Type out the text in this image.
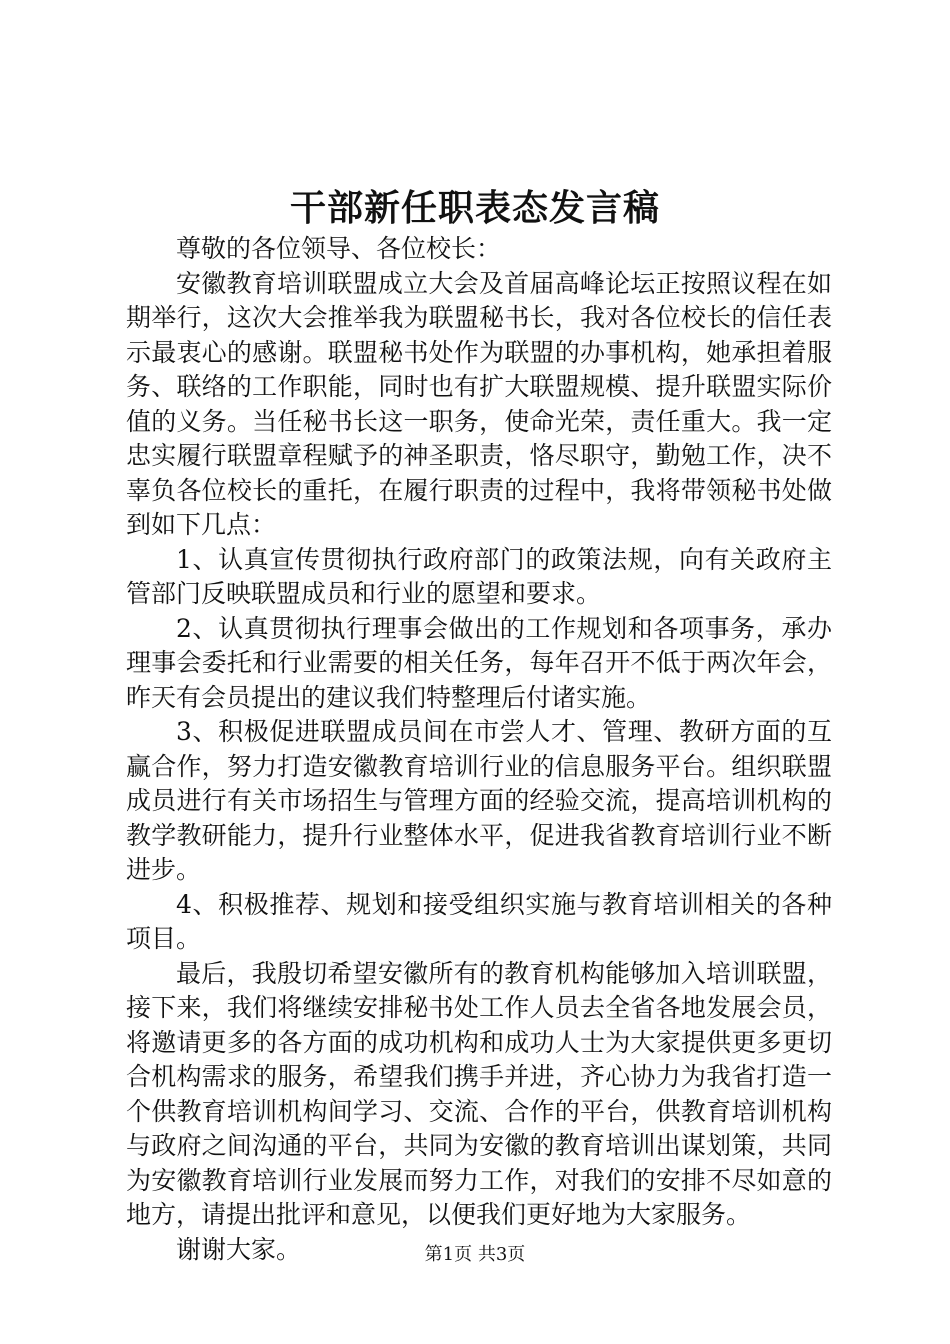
干部新任职表态发言稿

尊敬的各位领导、各位校长：

安徽教育培训联盟成立大会及首届高峰论坛正按照议程在如期举行，这次大会推举我为联盟秘书长，我对各位校长的信任表示最衷心的感谢。联盟秘书处作为联盟的办事机构，她承担着服务、联络的工作职能，同时也有扩大联盟规模、提升联盟实际价值的义务。当任秘书长这一职务，使命光荣，责任重大。我一定忠实履行联盟章程赋予的神圣职责，恪尽职守，勤勉工作，决不辜负各位校长的重托，在履行职责的过程中，我将带领秘书处做到如下几点：

1、认真宣传贯彻执行政府部门的政策法规，向有关政府主管部门反映联盟成员和行业的愿望和要求。

2、认真贯彻执行理事会做出的工作规划和各项事务，承办理事会委托和行业需要的相关任务，每年召开不低于两次年会，昨天有会员提出的建议我们特整理后付诸实施。

3、积极促进联盟成员间在市尝人才、管理、教研方面的互赢合作，努力打造安徽教育培训行业的信息服务平台。组织联盟成员进行有关市场招生与管理方面的经验交流，提高培训机构的教学教研能力，提升行业整体水平，促进我省教育培训行业不断进步。

4、积极推荐、规划和接受组织实施与教育培训相关的各种项目。

最后，我殷切希望安徽所有的教育机构能够加入培训联盟，接下来，我们将继续安排秘书处工作人员去全省各地发展会员，将邀请更多的各方面的成功机构和成功人士为大家提供更多更切合机构需求的服务，希望我们携手并进，齐心协力为我省打造一个供教育培训机构间学习、交流、合作的平台，供教育培训机构与政府之间沟通的平台，共同为安徽的教育培训出谋划策，共同为安徽教育培训行业发展而努力工作，对我们的安排不尽如意的地方，请提出批评和意见，以便我们更好地为大家服务。

谢谢大家。	第1页 共3页
